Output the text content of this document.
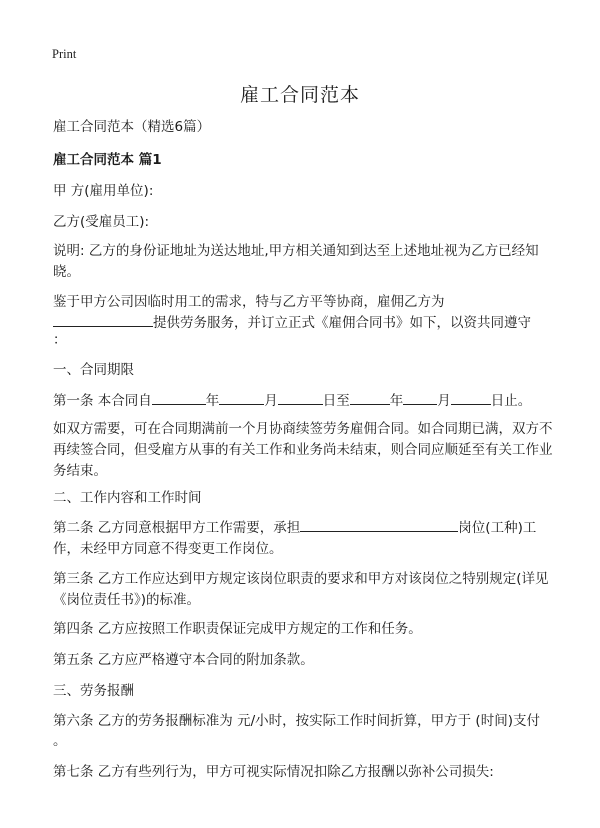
Print
雇工合同范本
雇工合同范本（精选6篇）
雇工合同范本 篇1
甲 方(雇用单位):
乙方(受雇员工):
说明: 乙方的身份证地址为送达地址,甲方相关通知到达至上述地址视为乙方已经知晓。
鉴于甲方公司因临时用工的需求，特与乙方平等协商，雇佣乙方为
提供劳务服务，并订立正式《雇佣合同书》如下，以资共同遵守
：
一、合同期限
第一条 本合同自	年	月	日至	年	月	日止。
如双方需要，可在合同期满前一个月协商续签劳务雇佣合同。如合同期已满，双方不再续签合同，但受雇方从事的有关工作和业务尚未结束，则合同应顺延至有关工作业务结束。
二、工作内容和工作时间
第二条 乙方同意根据甲方工作需要，承担	岗位(工种)工
作，未经甲方同意不得变更工作岗位。
第三条 乙方工作应达到甲方规定该岗位职责的要求和甲方对该岗位之特别规定(详见《岗位责任书》)的标准。
第四条 乙方应按照工作职责保证完成甲方规定的工作和任务。
第五条 乙方应严格遵守本合同的附加条款。
三、劳务报酬
第六条 乙方的劳务报酬标准为 元/小时，按实际工作时间折算，甲方于 (时间)支付
。
第七条 乙方有些列行为，甲方可视实际情况扣除乙方报酬以弥补公司损失:
